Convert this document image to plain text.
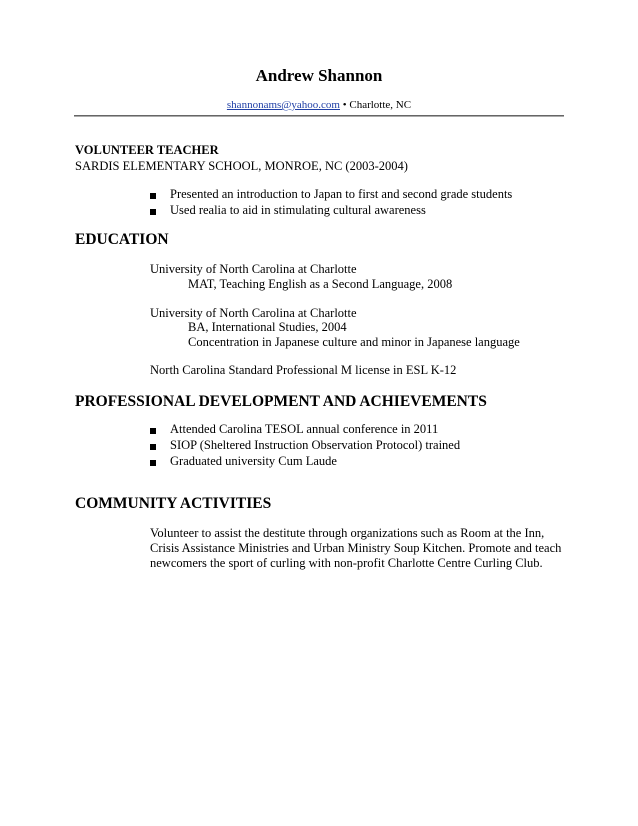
Andrew Shannon
shannonams@yahoo.com • Charlotte, NC
VOLUNTEER TEACHER
SARDIS ELEMENTARY SCHOOL, MONROE, NC (2003-2004)
Presented an introduction to Japan to first and second grade students
Used realia to aid in stimulating cultural awareness
EDUCATION
University of North Carolina at Charlotte
MAT, Teaching English as a Second Language, 2008
University of North Carolina at Charlotte
BA, International Studies, 2004
Concentration in Japanese culture and minor in Japanese language
North Carolina Standard Professional M license in ESL K-12
PROFESSIONAL DEVELOPMENT AND ACHIEVEMENTS
Attended Carolina TESOL annual conference in 2011
SIOP (Sheltered Instruction Observation Protocol) trained
Graduated university Cum Laude
COMMUNITY ACTIVITIES
Volunteer to assist the destitute through organizations such as Room at the Inn,
Crisis Assistance Ministries and Urban Ministry Soup Kitchen. Promote and teach
newcomers the sport of curling with non-profit Charlotte Centre Curling Club.
